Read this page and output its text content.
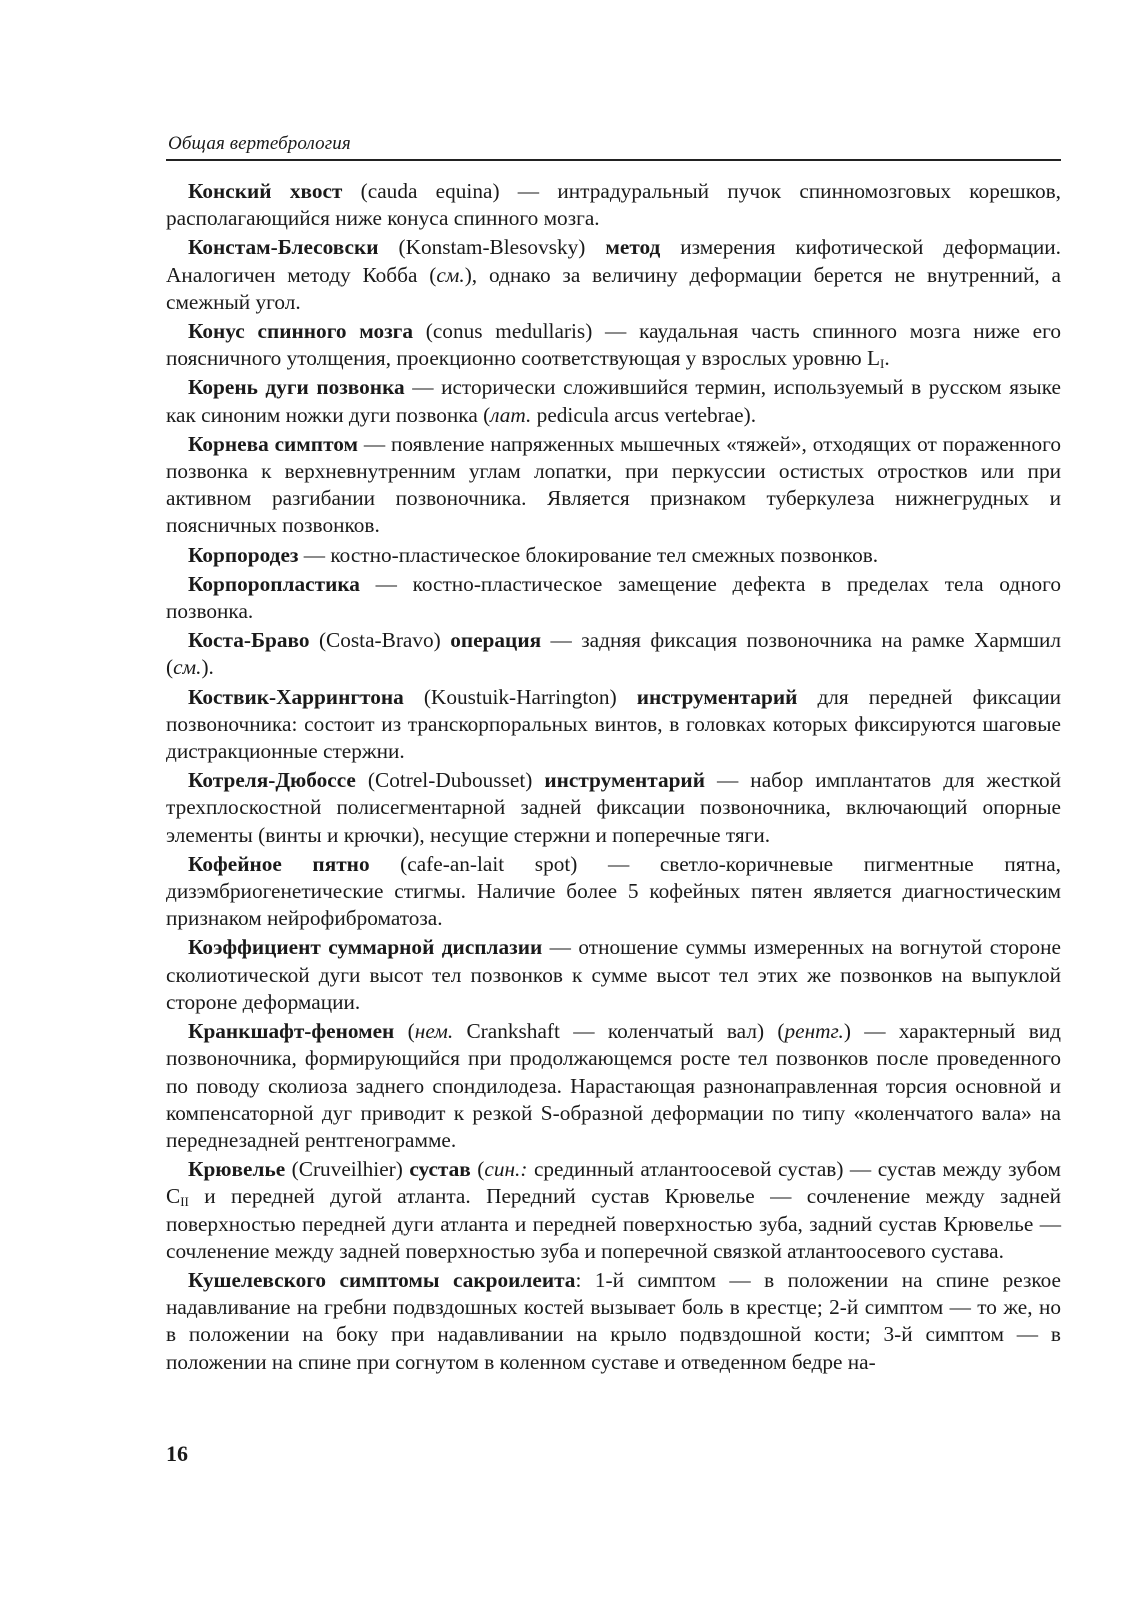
Общая вертебрология

Конский хвост (cauda equina) — интрадуральный пучок спинномозговых корешков, располагающийся ниже конуса спинного мозга.

Констам-Блесовски (Konstam-Blesovsky) метод измерения кифотической деформации. Аналогичен методу Кобба (см.), однако за величину деформации берется не внутренний, а смежный угол.

Конус спинного мозга (conus medullaris) — каудальная часть спинного мозга ниже его поясничного утолщения, проекционно соответствующая у взрослых уровню $L_I$.

Корень дуги позвонка — исторически сложившийся термин, используемый в русском языке как синоним ножки дуги позвонка (лат. pedicula arcus vertebrae).

Корнева симптом — появление напряженных мышечных «тяжей», отходящих от пораженного позвонка к верхневнутренним углам лопатки, при перкуссии остистых отростков или при активном разгибании позвоночника. Является признаком туберкулеза нижнегрудных и поясничных позвонков.

Корпородез — костно-пластическое блокирование тел смежных позвонков.

Корпоропластика — костно-пластическое замещение дефекта в пределах тела одного позвонка.

Коста-Браво (Costa-Bravo) операция — задняя фиксация позвоночника на рамке Хармшил (см.).

Коствик-Харрингтона (Koustuik-Harrington) инструментарий для передней фиксации позвоночника: состоит из транскорпоральных винтов, в головках которых фиксируются шаговые дистракционные стержни.

Котреля-Дюбоссе (Cotrel-Dubousset) инструментарий — набор имплантатов для жесткой трехплоскостной полисегментарной задней фиксации позвоночника, включающий опорные элементы (винты и крючки), несущие стержни и поперечные тяги.

Кофейное пятно (cafe-an-lait spot) — светло-коричневые пигментные пятна, дизэмбриогенетические стигмы. Наличие более 5 кофейных пятен является диагностическим признаком нейрофиброматоза.

Коэффициент суммарной дисплазии — отношение суммы измеренных на вогнутой стороне сколиотической дуги высот тел позвонков к сумме высот тел этих же позвонков на выпуклой стороне деформации.

Кранкшафт-феномен (нем. Crankshaft — коленчатый вал) (рентг.) — характерный вид позвоночника, формирующийся при продолжающемся росте тел позвонков после проведенного по поводу сколиоза заднего спондилодеза. Нарастающая разнонаправленная торсия основной и компенсаторной дуг приводит к резкой S-образной деформации по типу «коленчатого вала» на переднезадней рентгенограмме.

Крювелье (Cruveilhier) сустав (син.: срединный атлантоосевой сустав) — сустав между зубом $C_{II}$ и передней дугой атланта. Передний сустав Крювелье — сочленение между задней поверхностью передней дуги атланта и передней поверхностью зуба, задний сустав Крювелье — сочленение между задней поверхностью зуба и поперечной связкой атлантоосевого сустава.

Кушелевского симптомы сакроилеита: 1-й симптом — в положении на спине резкое надавливание на гребни подвздошных костей вызывает боль в крестце; 2-й симптом — то же, но в положении на боку при надавливании на крыло подвздошной кости; 3-й симптом — в положении на спине при согнутом в коленном суставе и отведенном бедре на-

16
